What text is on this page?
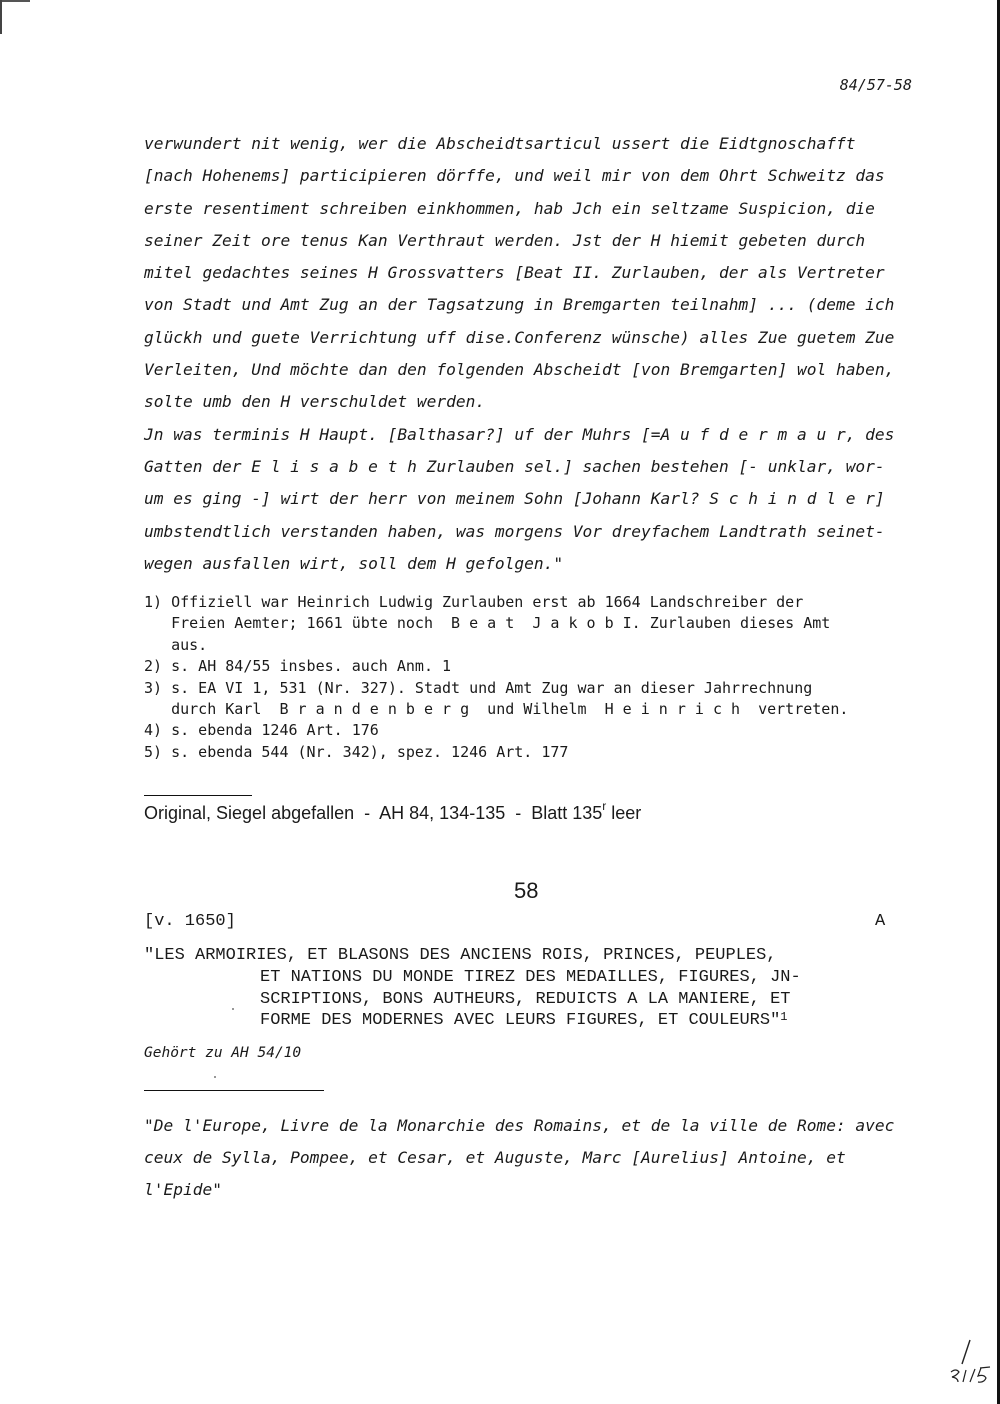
84/57-58
verwundert nit wenig, wer die Abscheidtsarticul ussert die Eidtgnoschafft
[nach Hohenems] participieren dörffe, und weil mir von dem Ohrt Schweitz das
erste resentiment schreiben einkhommen, hab Jch ein seltzame Suspicion, die
seiner Zeit ore tenus Kan Verthraut werden. Jst der H hiemit gebeten durch
mitel gedachtes seines H Grossvatters [Beat II. Zurlauben, der als Vertreter
von Stadt und Amt Zug an der Tagsatzung in Bremgarten teilnahm] ... (deme ich
glückh und guete Verrichtung uff dise.Conferenz wünsche) alles Zue guetem Zue
Verleiten, Und möchte dan den folgenden Abscheidt [von Bremgarten] wol haben,
solte umb den H verschuldet werden.
Jn was terminis H Haupt. [Balthasar?] uf der Muhrs [=A u f d e r m a u r, des
Gatten der E l i s a b e t h Zurlauben sel.] sachen bestehen [- unklar, wor-
um es ging -] wirt der herr von meinem Sohn [Johann Karl? S c h i n d l e r]
umbstendtlich verstanden haben, was morgens Vor dreyfachem Landtrath seinet-
wegen ausfallen wirt, soll dem H gefolgen."
1) Offiziell war Heinrich Ludwig Zurlauben erst ab 1664 Landschreiber der
Freien Aemter; 1661 übte noch  B e a t  J a k o b I. Zurlauben dieses Amt
aus.
2) s. AH 84/55 insbes. auch Anm. 1
3) s. EA VI 1, 531 (Nr. 327). Stadt und Amt Zug war an dieser Jahrrechnung
durch Karl  B r a n d e n b e r g  und Wilhelm  H e i n r i c h  vertreten.
4) s. ebenda 1246 Art. 176
5) s. ebenda 544 (Nr. 342), spez. 1246 Art. 177
Original, Siegel abgefallen  -  AH 84, 134-135  -  Blatt 135$^r$ leer
58
[v. 1650]	A
"LES ARMOIRIES, ET BLASONS DES ANCIENS ROIS, PRINCES, PEUPLES,
ET NATIONS DU MONDE TIREZ DES MEDAILLES, FIGURES, JN-
SCRIPTIONS, BONS AUTHEURS, REDUICTS A LA MANIERE, ET
FORME DES MODERNES AVEC LEURS FIGURES, ET COULEURS"$^1$
Gehört zu AH 54/10
"De l'Europe, Livre de la Monarchie des Romains, et de la ville de Rome: avec
ceux de Sylla, Pompee, et Cesar, et Auguste, Marc [Aurelius] Antoine, et
l'Epide"
